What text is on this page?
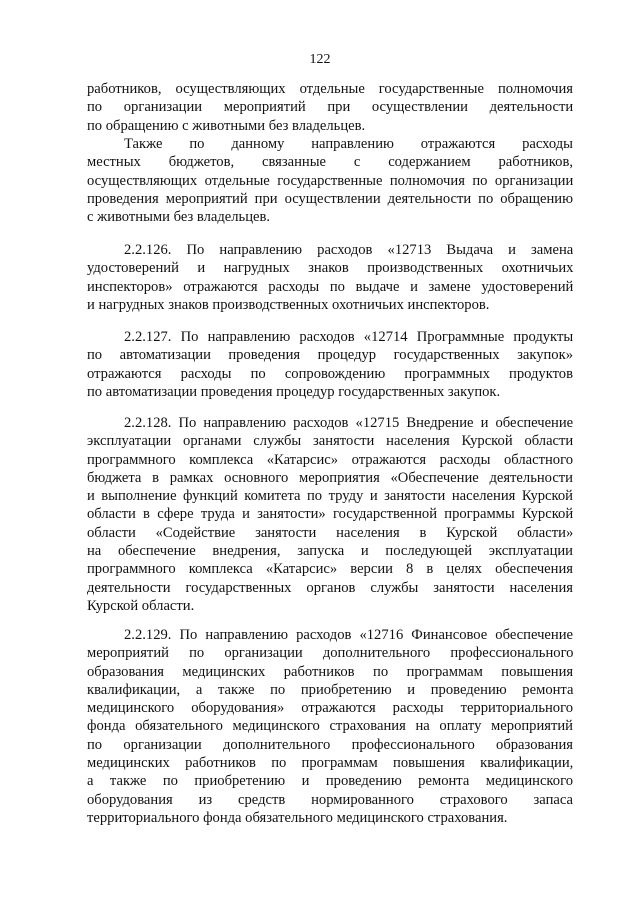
122
работников, осуществляющих отдельные государственные полномочия
по организации мероприятий при осуществлении деятельности
по обращению с животными без владельцев.
Также по данному направлению отражаются расходы
местных бюджетов, связанные с содержанием работников,
осуществляющих отдельные государственные полномочия по организации
проведения мероприятий при осуществлении деятельности по обращению
с животными без владельцев.
2.2.126. По направлению расходов «12713 Выдача и замена
удостоверений и нагрудных знаков производственных охотничьих
инспекторов» отражаются расходы по выдаче и замене удостоверений
и нагрудных знаков производственных охотничьих инспекторов.
2.2.127. По направлению расходов «12714 Программные продукты
по автоматизации проведения процедур государственных закупок»
отражаются расходы по сопровождению программных продуктов
по автоматизации проведения процедур государственных закупок.
2.2.128. По направлению расходов «12715 Внедрение и обеспечение
эксплуатации органами службы занятости населения Курской области
программного комплекса «Катарсис» отражаются расходы областного
бюджета в рамках основного мероприятия «Обеспечение деятельности
и выполнение функций комитета по труду и занятости населения Курской
области в сфере труда и занятости» государственной программы Курской
области «Содействие занятости населения в Курской области»
на обеспечение внедрения, запуска и последующей эксплуатации
программного комплекса «Катарсис» версии 8 в целях обеспечения
деятельности государственных органов службы занятости населения
Курской области.
2.2.129. По направлению расходов «12716 Финансовое обеспечение
мероприятий по организации дополнительного профессионального
образования медицинских работников по программам повышения
квалификации, а также по приобретению и проведению ремонта
медицинского оборудования» отражаются расходы территориального
фонда обязательного медицинского страхования на оплату мероприятий
по организации дополнительного профессионального образования
медицинских работников по программам повышения квалификации,
а также по приобретению и проведению ремонта медицинского
оборудования из средств нормированного страхового запаса
территориального фонда обязательного медицинского страхования.
